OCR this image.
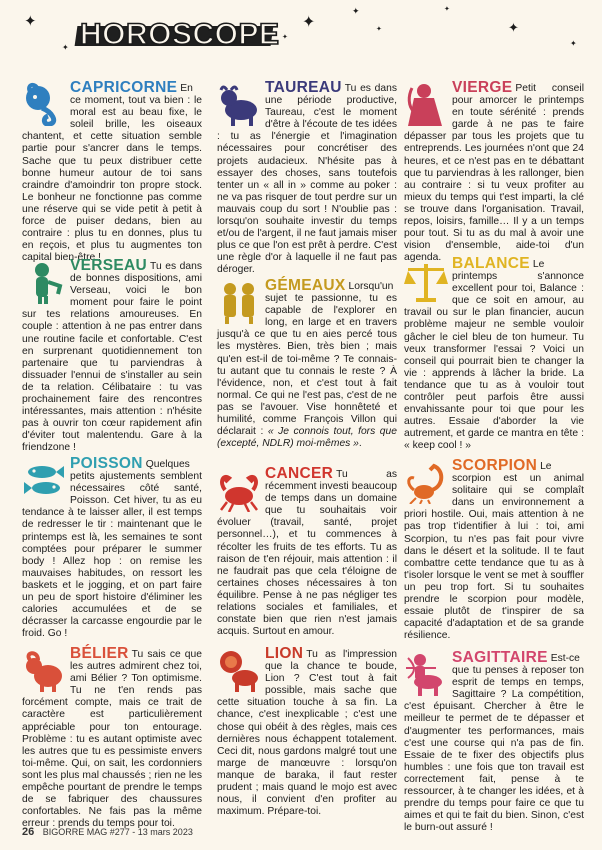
✦
✦
✦
✦
✦
✦
✦
✦
✦
HOROSCOPE

CAPRICORNE En ce moment, tout va bien : le moral est au beau fixe, le soleil brille, les oiseaux chantent, et cette situation semble partie pour s'ancrer dans le temps. Sache que tu peux distribuer cette bonne humeur autour de toi sans craindre d'amoindrir ton propre stock. Le bonheur ne fonctionne pas comme une réserve qui se vide petit à petit à force de puiser dedans, bien au contraire : plus tu en donnes, plus tu en reçois, et plus tu augmentes ton capital bien-être !

VERSEAU Tu es dans de bonnes dispositions, ami Verseau, voici le bon moment pour faire le point sur tes relations amoureuses. En couple : attention à ne pas entrer dans une routine facile et confortable. C'est en surprenant quotidiennement ton partenaire que tu parviendras à dissuader l'ennui de s'installer au sein de ta relation. Célibataire : tu vas prochainement faire des rencontres intéressantes, mais attention : n'hésite pas à ouvrir ton cœur rapidement afin d'éviter tout malentendu. Gare à la friendzone !

POISSON Quelques petits ajustements semblent nécessaires côté santé, Poisson. Cet hiver, tu as eu tendance à te laisser aller, il est temps de redresser le tir : maintenant que le printemps est là, les semaines te sont comptées pour préparer le summer body ! Allez hop : on remise les mauvaises habitudes, on ressort les baskets et le jogging, et on part faire un peu de sport histoire d'éliminer les calories accumulées et de se décrasser la carcasse engourdie par le froid. Go !

BÉLIER Tu sais ce que les autres admirent chez toi, ami Bélier ? Ton optimisme. Tu ne t'en rends pas forcément compte, mais ce trait de caractère est particulièrement appréciable pour ton entourage. Problème : tu es autant optimiste avec les autres que tu es pessimiste envers toi-même. Qui, on sait, les cordonniers sont les plus mal chaussés ; rien ne les empêche pourtant de prendre le temps de se fabriquer des chaussures confortables. Ne fais pas la même erreur : prends du temps pour toi.

TAUREAU Tu es dans une période productive, Taureau, c'est le moment d'être à l'écoute de tes idées : tu as l'énergie et l'imagination nécessaires pour concrétiser des projets audacieux. N'hésite pas à essayer des choses, sans toutefois tenter un « all in » comme au poker : ne va pas risquer de tout perdre sur un mauvais coup du sort ! N'oublie pas : lorsqu'on souhaite investir du temps et/ou de l'argent, il ne faut jamais miser plus ce que l'on est prêt à perdre. C'est une règle d'or à laquelle il ne faut pas déroger.

GÉMEAUX Lorsqu'un sujet te passionne, tu es capable de l'explorer en long, en large et en travers jusqu'à ce que tu en aies percé tous les mystères. Bien, très bien ; mais qu'en est-il de toi-même ? Te connais-tu autant que tu connais le reste ? À l'évidence, non, et c'est tout à fait normal. Ce qui ne l'est pas, c'est de ne pas se l'avouer. Vise honnêteté et humilité, comme François Villon qui déclarait : « Je connois tout, fors que (excepté, NDLR) moi-mêmes ».

CANCER Tu as récemment investi beaucoup de temps dans un domaine que tu souhaitais voir évoluer (travail, santé, projet personnel…), et tu commences à récolter les fruits de tes efforts. Tu as raison de t'en réjouir, mais attention : il ne faudrait pas que cela t'éloigne de certaines choses nécessaires à ton équilibre. Pense à ne pas négliger tes relations sociales et familiales, et constate bien que rien n'est jamais acquis. Surtout en amour.

LION Tu as l'impression que la chance te boude, Lion ? C'est tout à fait possible, mais sache que cette situation touche à sa fin. La chance, c'est inexplicable ; c'est une chose qui obéit à des règles, mais ces dernières nous échappent totalement. Ceci dit, nous gardons malgré tout une marge de manœuvre : lorsqu'on manque de baraka, il faut rester prudent ; mais quand le mojo est avec nous, il convient d'en profiter au maximum. Prépare-toi.

VIERGE Petit conseil pour amorcer le printemps en toute sérénité : prends garde à ne pas te faire dépasser par tous les projets que tu entreprends. Les journées n'ont que 24 heures, et ce n'est pas en te débattant que tu parviendras à les rallonger, bien au contraire : si tu veux profiter au mieux du temps qui t'est imparti, la clé se trouve dans l'organisation. Travail, repos, loisirs, famille… Il y a un temps pour tout. Si tu as du mal à avoir une vision d'ensemble, aide-toi d'un agenda. BALANCE Le printemps s'annonce excellent pour toi, Balance : que ce soit en amour, au travail ou sur le plan financier, aucun problème majeur ne semble vouloir gâcher le ciel bleu de ton humeur. Tu veux transformer l'essai ? Voici un conseil qui pourrait bien te changer la vie : apprends à lâcher la bride. La tendance que tu as à vouloir tout contrôler peut parfois être aussi envahissante pour toi que pour les autres. Essaie d'aborder la vie autrement, et garde ce mantra en tête : « keep cool ! »

SCORPION Le scorpion est un animal solitaire qui se complaît dans un environnement a priori hostile. Oui, mais attention à ne pas trop t'identifier à lui : toi, ami Scorpion, tu n'es pas fait pour vivre dans le désert et la solitude. Il te faut combattre cette tendance que tu as à t'isoler lorsque le vent se met à souffler un peu trop fort. Si tu souhaites prendre le scorpion pour modèle, essaie plutôt de t'inspirer de sa capacité d'adaptation et de sa grande résilience.

SAGITTAIRE Est-ce que tu penses à reposer ton esprit de temps en temps, Sagittaire ? La compétition, c'est épuisant. Chercher à être le meilleur te permet de te dépasser et d'augmenter tes performances, mais c'est une course qui n'a pas de fin. Essaie de te fixer des objectifs plus humbles : une fois que ton travail est correctement fait, pense à te ressourcer, à te changer les idées, et à prendre du temps pour faire ce que tu aimes et qui te fait du bien. Sinon, c'est le burn-out assuré !

26 BIGORRE MAG #277 - 13 mars 2023
